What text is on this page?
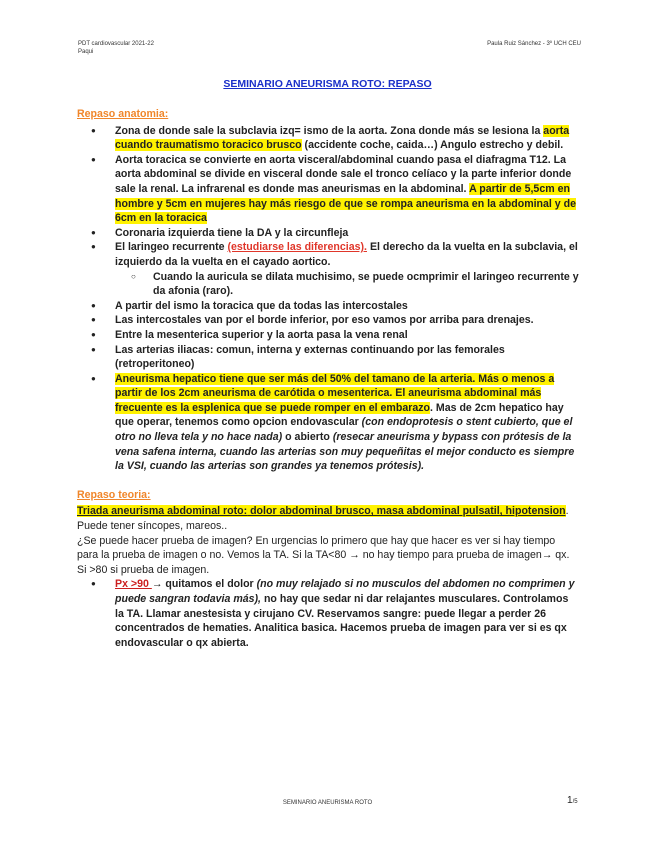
PDT cardiovascular 2021-22
Paqui
Paula Ruiz Sánchez - 3º UCH CEU
SEMINARIO ANEURISMA ROTO: REPASO
Repaso anatomia:
● Zona de donde sale la subclavia izq= ismo de la aorta. Zona donde más se lesiona la aorta cuando traumatismo toracico brusco (accidente coche, caida…) Angulo estrecho y debil.
● Aorta toracica se convierte en aorta visceral/abdominal cuando pasa el diafragma T12. La aorta abdominal se divide en visceral donde sale el tronco celíaco y la parte inferior donde sale la renal. La infrarenal es donde mas aneurismas en la abdominal. A partir de 5,5cm en hombre y 5cm en mujeres hay más riesgo de que se rompa aneurisma en la abdominal y de 6cm en la toracica
● Coronaria izquierda tiene la DA y la circunfleja
● El laringeo recurrente (estudiarse las diferencias). El derecho da la vuelta en la subclavia, el izquierdo da la vuelta en el cayado aortico.
○ Cuando la auricula se dilata muchisimo, se puede ocmprimir el laringeo recurrente y da afonia (raro).
● A partir del ismo la toracica que da todas las intercostales
● Las intercostales van por el borde inferior, por eso vamos por arriba para drenajes.
● Entre la mesenterica superior y la aorta pasa la vena renal
● Las arterias iliacas: comun, interna y externas continuando por las femorales (retroperitoneo)
● Aneurisma hepatico tiene que ser más del 50% del tamano de la arteria. Más o menos a partir de los 2cm aneurisma de carótida o mesenterica. El aneurisma abdominal más frecuente es la esplenica que se puede romper en el embarazo. Mas de 2cm hepatico hay que operar, tenemos como opcion endovascular (con endoprotesis o stent cubierto, que el otro no lleva tela y no hace nada) o abierto (resecar aneurisma y bypass con prótesis de la vena safena interna, cuando las arterias son muy pequeñitas el mejor conducto es siempre la VSI, cuando las arterias son grandes ya tenemos prótesis).
Repaso teoria:
Triada aneurisma abdominal roto: dolor abdominal brusco, masa abdominal pulsatil, hipotension. Puede tener síncopes, mareos..
¿Se puede hacer prueba de imagen? En urgencias lo primero que hay que hacer es ver si hay tiempo para la prueba de imagen o no. Vemos la TA. Si la TA<80 → no hay tiempo para prueba de imagen→ qx. Si >80 si prueba de imagen.
● Px >90 → quitamos el dolor (no muy relajado si no musculos del abdomen no comprimen y puede sangran todavia más), no hay que sedar ni dar relajantes musculares. Controlamos la TA. Llamar anestesista y cirujano CV. Reservamos sangre: puede llegar a perder 26 concentrados de hematies. Analitica basica. Hacemos prueba de imagen para ver si es qx endovascular o qx abierta.
SEMINARIO ANEURISMA ROTO	1/5
